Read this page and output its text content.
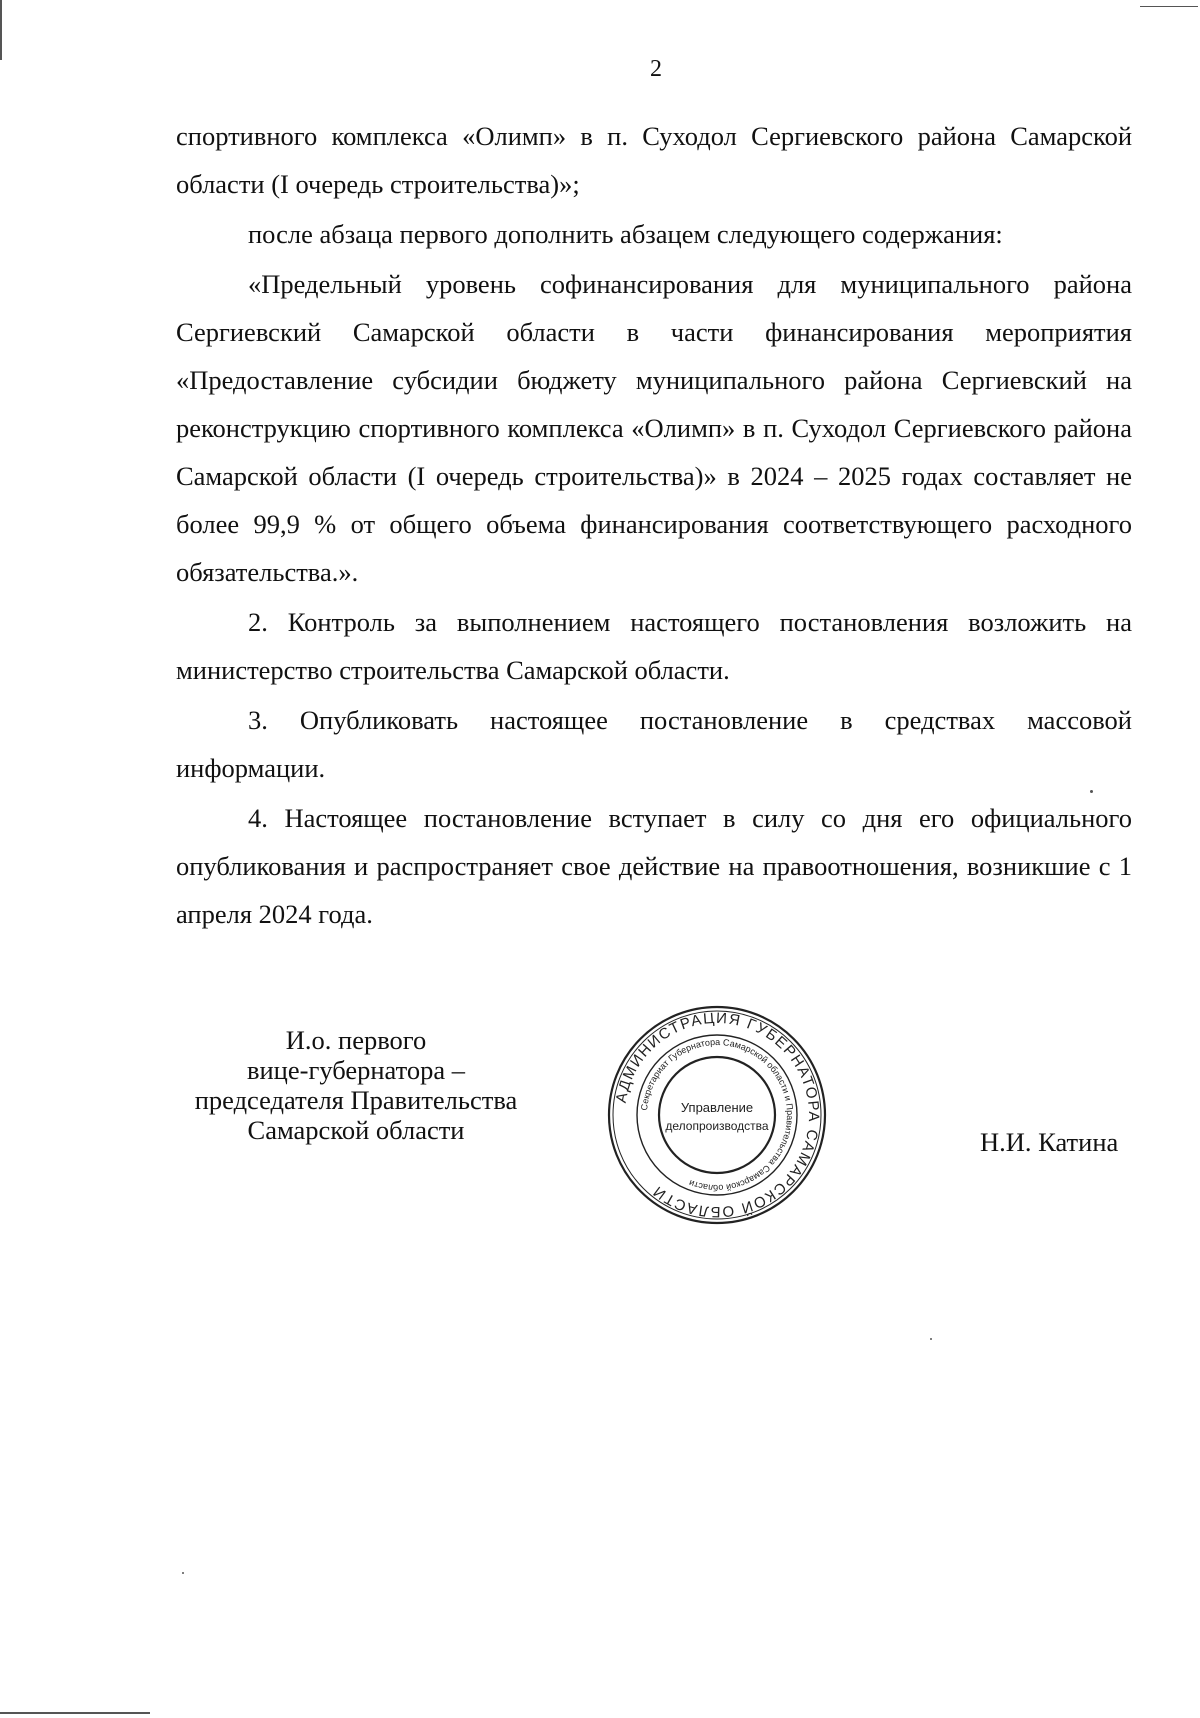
2

спортивного комплекса «Олимп» в п. Суходол Сергиевского района Самарской области (I очередь строительства)»;

после абзаца первого дополнить абзацем следующего содержания:

«Предельный уровень софинансирования для муниципального района Сергиевский Самарской области в части финансирования мероприятия «Предоставление субсидии бюджету муниципального района Сергиевский на реконструкцию спортивного комплекса «Олимп» в п. Суходол Сергиевского района Самарской области (I очередь строительства)» в 2024 – 2025 годах составляет не более 99,9 % от общего объема финансирования соответствующего расходного обязательства.».

2. Контроль за выполнением настоящего постановления возложить на министерство строительства Самарской области.

3. Опубликовать настоящее постановление в средствах массовой информации.

4. Настоящее постановление вступает в силу со дня его официального опубликования и распространяет свое действие на правоотношения, возникшие с 1 апреля 2024 года.

И.о. первого
вице-губернатора –
председателя Правительства
Самарской области
АДМИНИСТРАЦИЯ ГУБЕРНАТОРА САМАРСКОЙ ОБЛАСТИ
Секретариат Губернатора Самарской области и Правительства Самарской области
Управление
делопроизводства
Н.И. Катина
